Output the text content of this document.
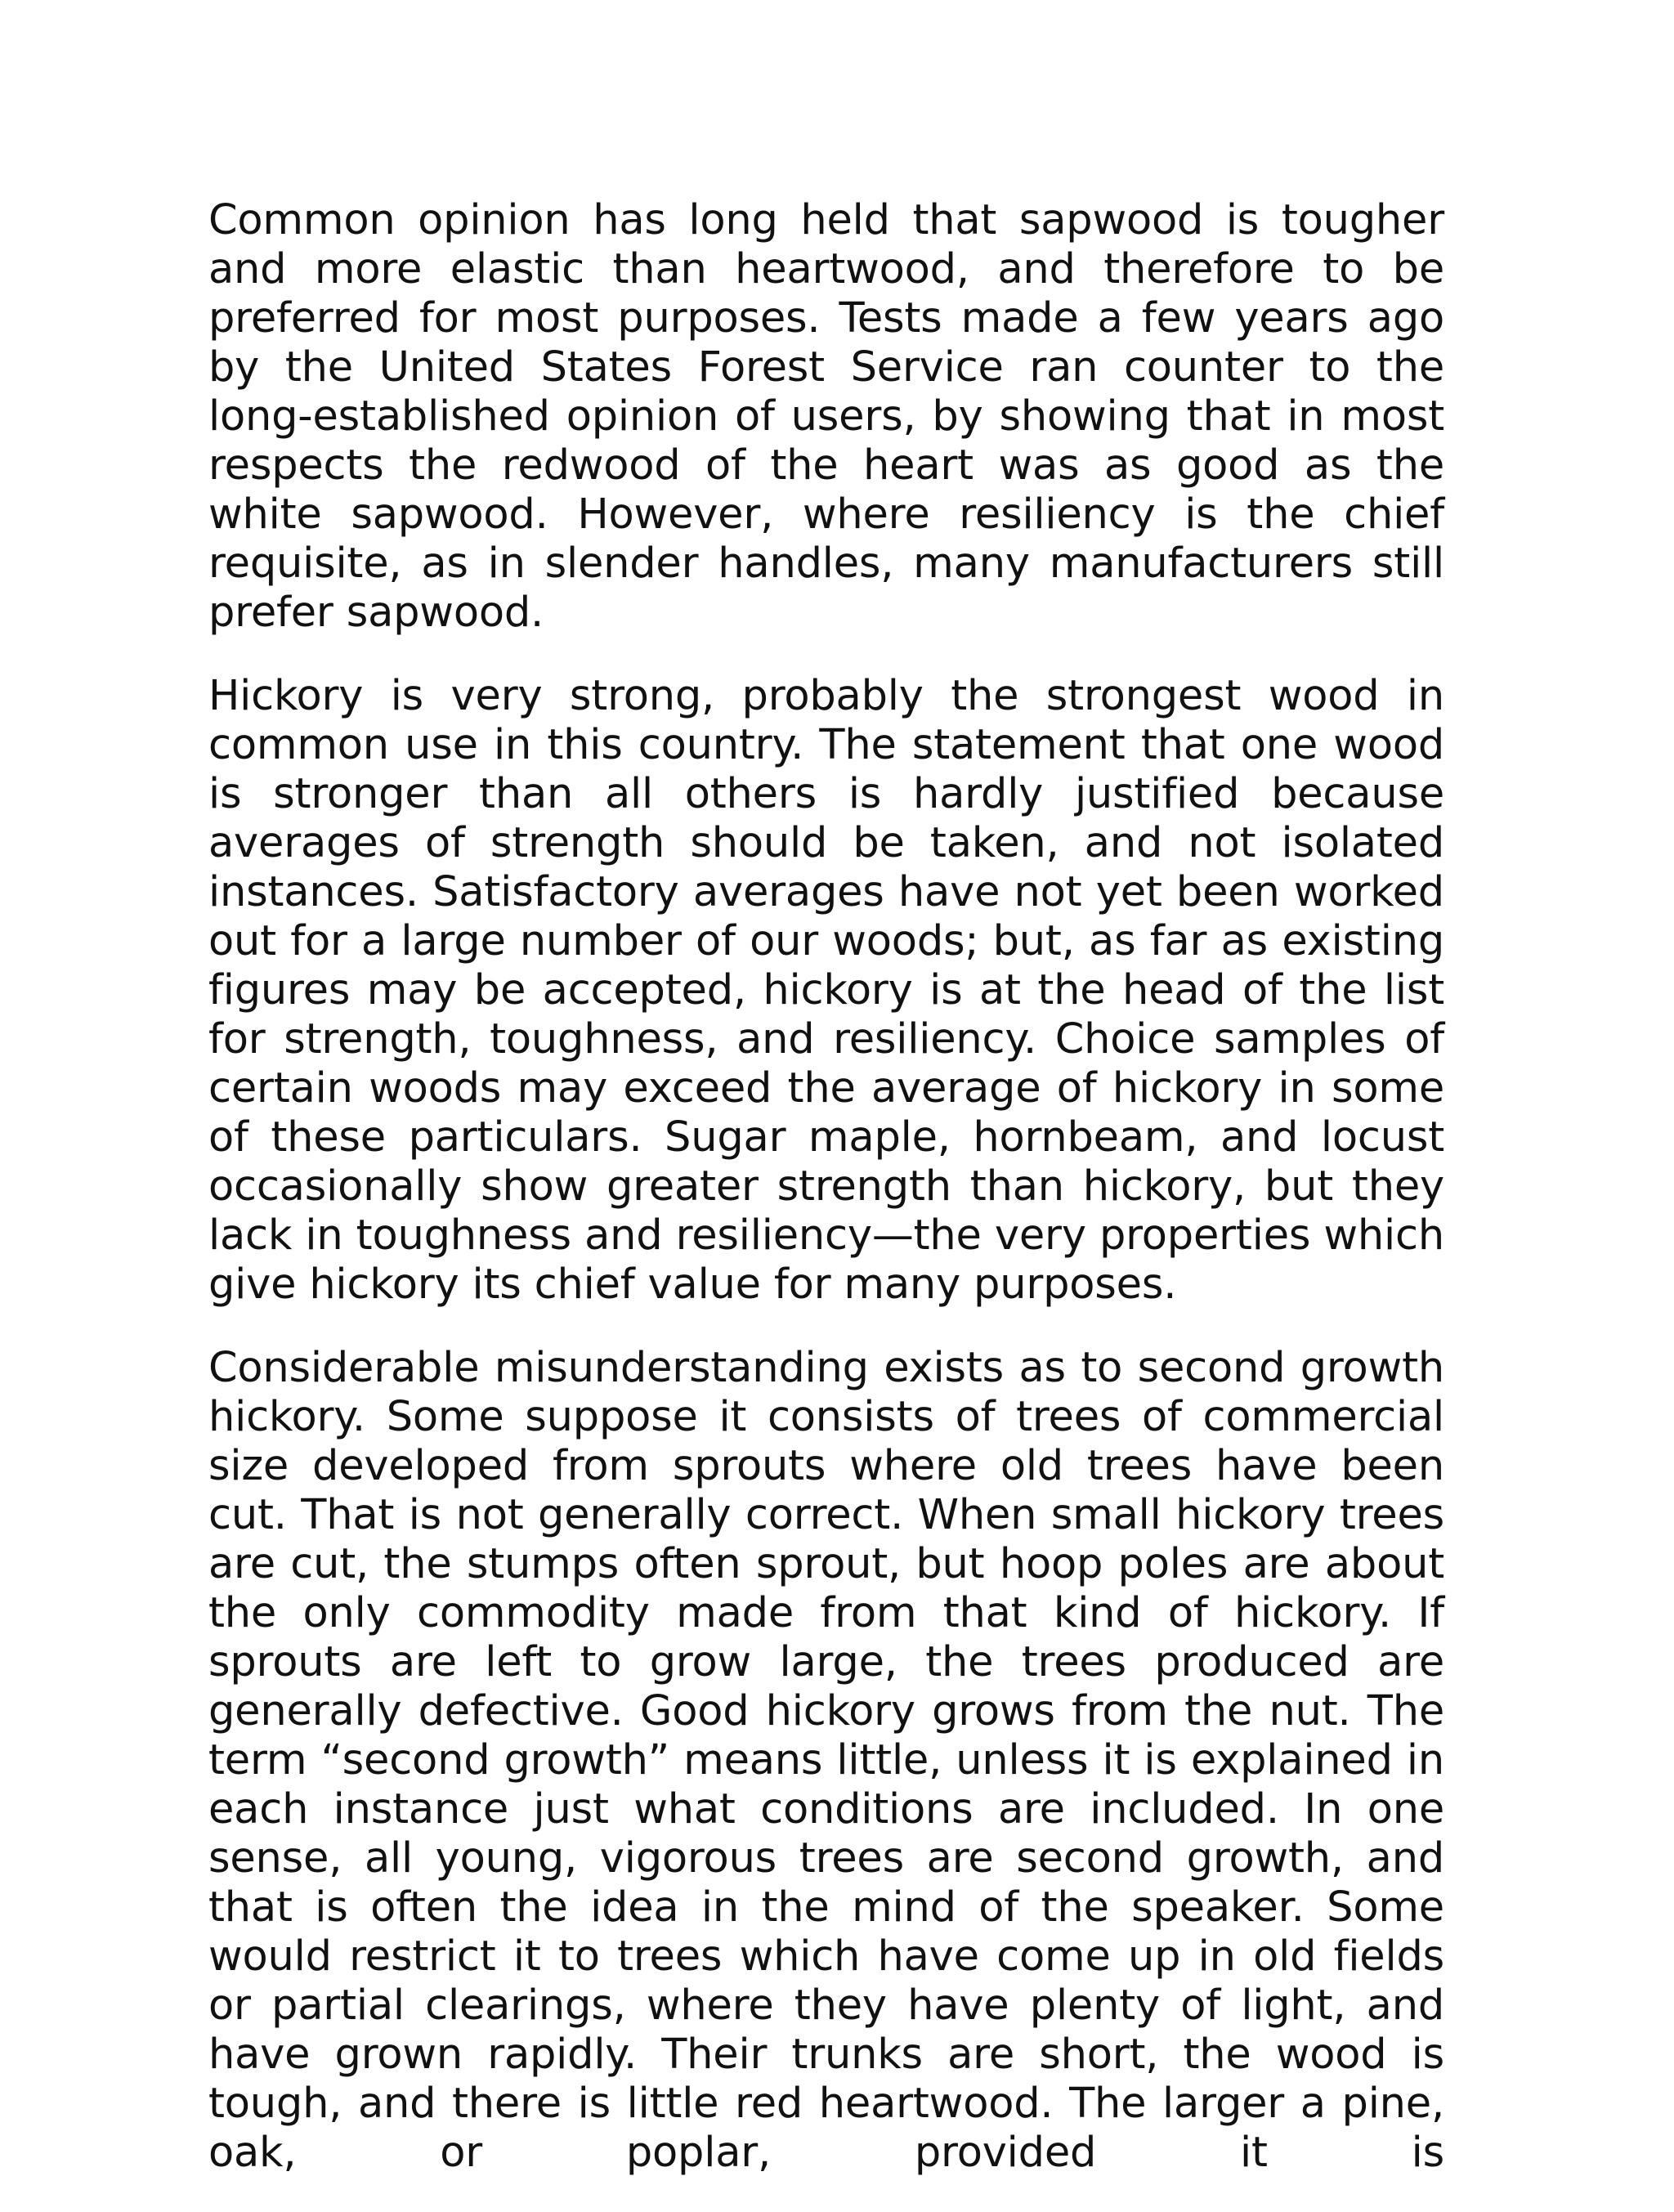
Common opinion has long held that sapwood is tougher and more elastic than heartwood, and therefore to be preferred for most purposes. Tests made a few years ago by the United States Forest Service ran counter to the long-established opinion of users, by showing that in most respects the redwood of the heart was as good as the white sapwood. However, where resiliency is the chief requisite, as in slender handles, many manufacturers still prefer sapwood.

Hickory is very strong, probably the strongest wood in common use in this country. The statement that one wood is stronger than all others is hardly justified because averages of strength should be taken, and not isolated instances. Satisfactory averages have not yet been worked out for a large number of our woods; but, as far as existing figures may be accepted, hickory is at the head of the list for strength, toughness, and resiliency. Choice samples of certain woods may exceed the average of hickory in some of these particulars. Sugar maple, hornbeam, and locust occasionally show greater strength than hickory, but they lack in toughness and resiliency—the very properties which give hickory its chief value for many purposes.

Considerable misunderstanding exists as to second growth hickory. Some suppose it consists of trees of commercial size developed from sprouts where old trees have been cut. That is not generally correct. When small hickory trees are cut, the stumps often sprout, but hoop poles are about the only commodity made from that kind of hickory. If sprouts are left to grow large, the trees produced are generally defective. Good hickory grows from the nut. The term “second growth” means little, unless it is explained in each instance just what conditions are included. In one sense, all young, vigorous trees are second growth, and that is often the idea in the mind of the speaker. Some would restrict it to trees which have come up in old fields or partial clearings, where they have plenty of light, and have grown rapidly. Their trunks are short, the wood is tough, and there is little red heartwood. The larger a pine, oak, or poplar, provided it is
